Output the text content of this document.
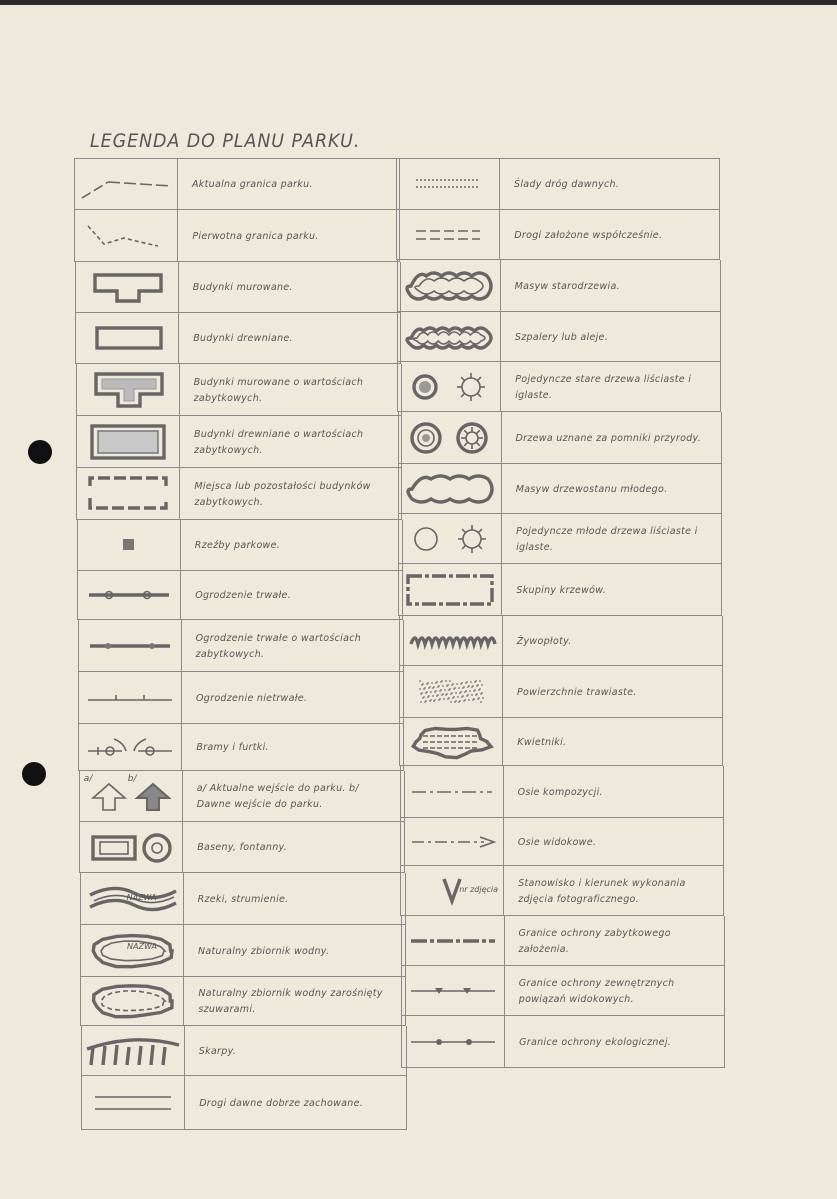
LEGENDA DO PLANU PARKU.
Aktualna granica parku.
Pierwotna granica parku.
Budynki murowane.
Budynki drewniane.
Budynki murowane o wartościach zabytkowych.
Budynki drewniane o wartościach zabytkowych.
Miejsca lub pozostałości budynków zabytkowych.
Rzeźby parkowe.
Ogrodzenie trwałe.
Ogrodzenie trwałe o wartościach zabytkowych.
Ogrodzenie nietrwałe.
Bramy i furtki.
a/	b/
a/ Aktualne wejście do parku. b/ Dawne wejście do parku.
Baseny, fontanny.
NAZWA	Rzeki, strumienie.
NAZWA	Naturalny zbiornik wodny.
Naturalny zbiornik wodny zarośnięty szuwarami.
Skarpy.
Drogi dawne dobrze zachowane.
Ślady dróg dawnych.
Drogi założone współcześnie.
Masyw starodrzewia.
Szpalery lub aleje.
Pojedyncze stare drzewa liściaste i iglaste.
Drzewa uznane za pomniki przyrody.
Masyw drzewostanu młodego.
Pojedyncze młode drzewa liściaste i iglaste.
Skupiny krzewów.
Żywopłoty.
Powierzchnie trawiaste.
Kwietniki.
Osie kompozycji.
Osie widokowe.
nr zdjęcia
Stanowisko i kierunek wykonania zdjęcia fotograficznego.
Granice ochrony zabytkowego założenia.
Granice ochrony zewnętrznych powiązań widokowych.
Granice ochrony ekologicznej.
